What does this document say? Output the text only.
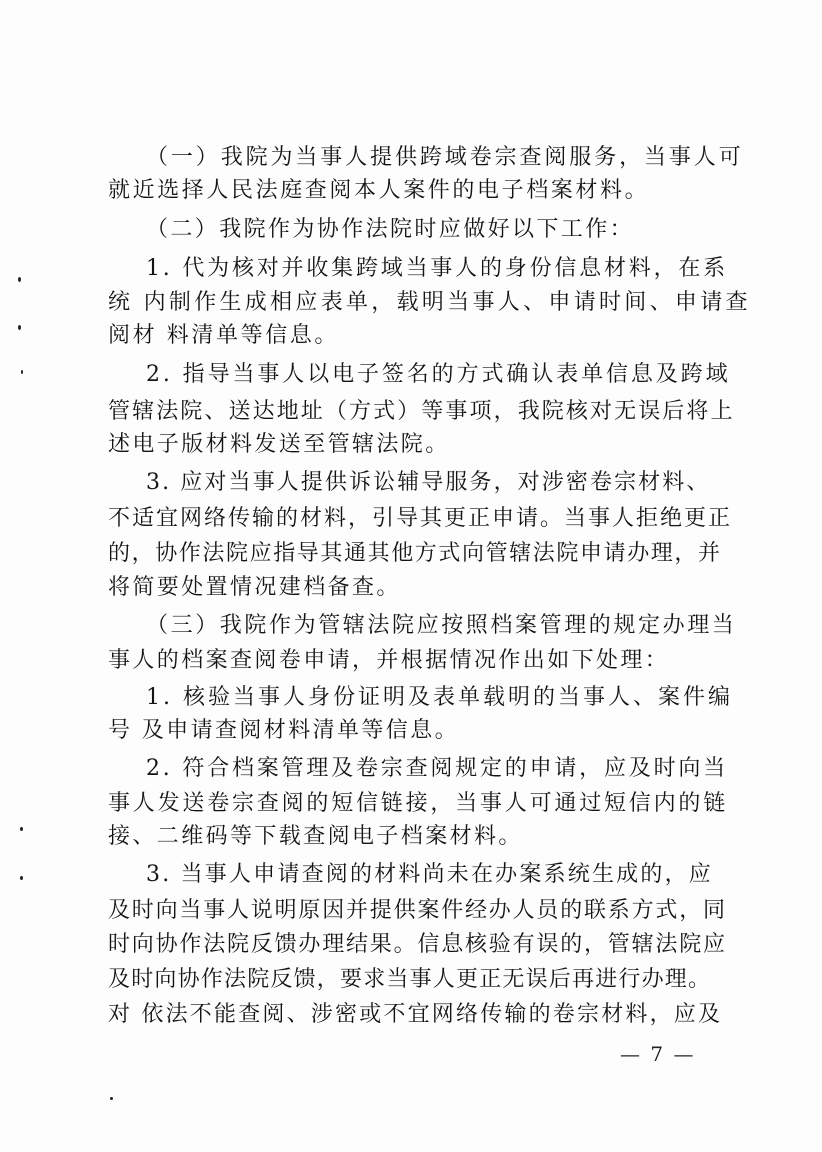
（一）我院为当事人提供跨域卷宗查阅服务，当事人可
就近选择人民法庭查阅本人案件的电子档案材料。
（二）我院作为协作法院时应做好以下工作：
1. 代为核对并收集跨域当事人的身份信息材料，在系
统 内制作生成相应表单，载明当事人、申请时间、申请查
阅材 料清单等信息。
2. 指导当事人以电子签名的方式确认表单信息及跨域
管辖法院、送达地址（方式）等事项，我院核对无误后将上
述电子版材料发送至管辖法院。
3. 应对当事人提供诉讼辅导服务，对涉密卷宗材料、
不适宜网络传输的材料，引导其更正申请。当事人拒绝更正
的，协作法院应指导其通其他方式向管辖法院申请办理，并
将简要处置情况建档备查。
（三）我院作为管辖法院应按照档案管理的规定办理当
事人的档案查阅卷申请，并根据情况作出如下处理：
1. 核验当事人身份证明及表单载明的当事人、案件编
号 及申请查阅材料清单等信息。
2. 符合档案管理及卷宗查阅规定的申请，应及时向当
事人发送卷宗查阅的短信链接，当事人可通过短信内的链
接、二维码等下载查阅电子档案材料。
3. 当事人申请查阅的材料尚未在办案系统生成的，应
及时向当事人说明原因并提供案件经办人员的联系方式，同
时向协作法院反馈办理结果。信息核验有误的，管辖法院应
及时向协作法院反馈，要求当事人更正无误后再进行办理。
对 依法不能查阅、涉密或不宜网络传输的卷宗材料，应及
— 7 —
